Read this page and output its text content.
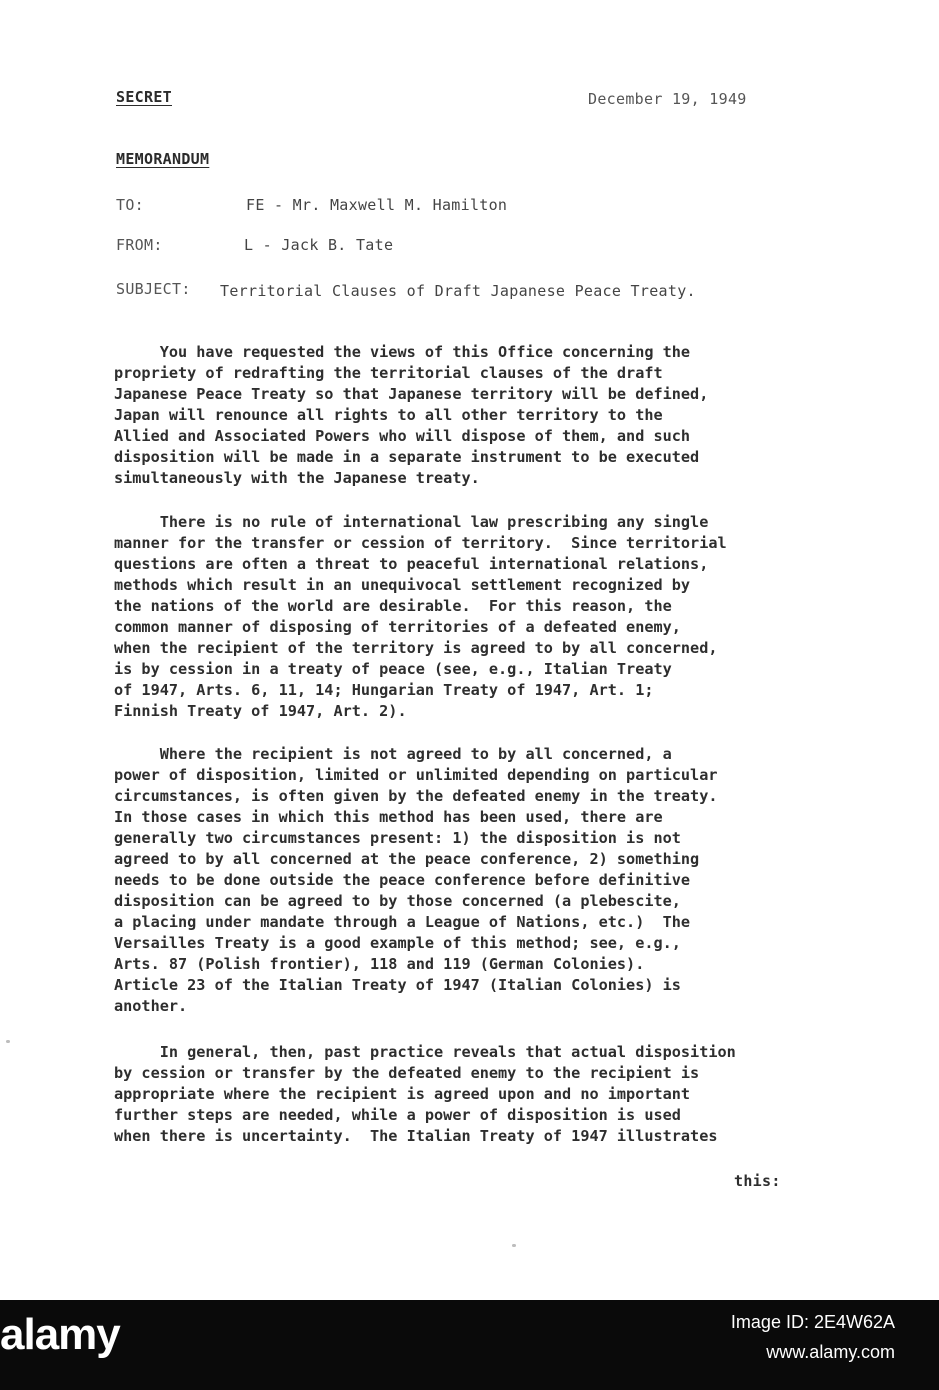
SECRET	December 19, 1949
MEMORANDUM
TO:	FE - Mr. Maxwell M. Hamilton
FROM:	L - Jack B. Tate
SUBJECT: Territorial Clauses of Draft Japanese Peace Treaty.
You have requested the views of this Office concerning the
propriety of redrafting the territorial clauses of the draft
Japanese Peace Treaty so that Japanese territory will be defined,
Japan will renounce all rights to all other territory to the
Allied and Associated Powers who will dispose of them, and such
disposition will be made in a separate instrument to be executed
simultaneously with the Japanese treaty.
There is no rule of international law prescribing any single
manner for the transfer or cession of territory.  Since territorial
questions are often a threat to peaceful international relations,
methods which result in an unequivocal settlement recognized by
the nations of the world are desirable.  For this reason, the
common manner of disposing of territories of a defeated enemy,
when the recipient of the territory is agreed to by all concerned,
is by cession in a treaty of peace (see, e.g., Italian Treaty
of 1947, Arts. 6, 11, 14; Hungarian Treaty of 1947, Art. 1;
Finnish Treaty of 1947, Art. 2).
Where the recipient is not agreed to by all concerned, a
power of disposition, limited or unlimited depending on particular
circumstances, is often given by the defeated enemy in the treaty.
In those cases in which this method has been used, there are
generally two circumstances present: 1) the disposition is not
agreed to by all concerned at the peace conference, 2) something
needs to be done outside the peace conference before definitive
disposition can be agreed to by those concerned (a plebescite,
a placing under mandate through a League of Nations, etc.)  The
Versailles Treaty is a good example of this method; see, e.g.,
Arts. 87 (Polish frontier), 118 and 119 (German Colonies).
Article 23 of the Italian Treaty of 1947 (Italian Colonies) is
another.
In general, then, past practice reveals that actual disposition
by cession or transfer by the defeated enemy to the recipient is
appropriate where the recipient is agreed upon and no important
further steps are needed, while a power of disposition is used
when there is uncertainty.  The Italian Treaty of 1947 illustrates
this:
alamy	Image ID: 2E4W62A
www.alamy.com
